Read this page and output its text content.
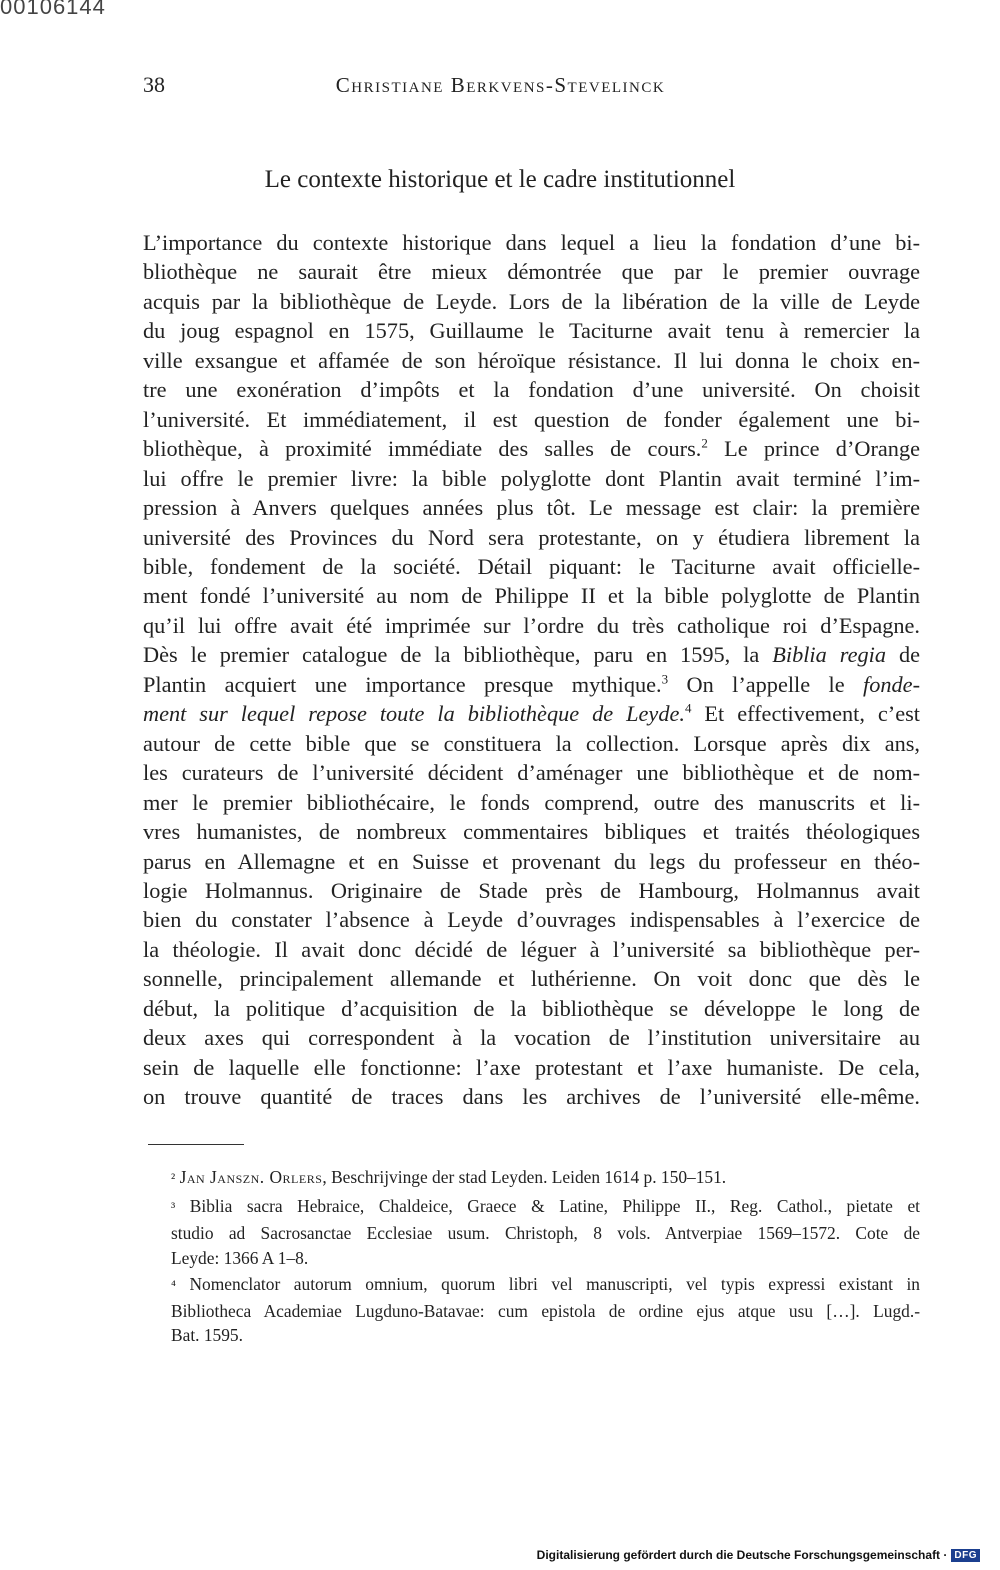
00106144
38	Christiane Berkvens-Stevelinck
Le contexte historique et le cadre institutionnel
L’importance du contexte historique dans lequel a lieu la fondation d’une bi-
bliothèque ne saurait être mieux démontrée que par le premier ouvrage
acquis par la bibliothèque de Leyde. Lors de la libération de la ville de Leyde
du joug espagnol en 1575, Guillaume le Taciturne avait tenu à remercier la
ville exsangue et affamée de son héroïque résistance. Il lui donna le choix en-
tre une exonération d’impôts et la fondation d’une université. On choisit
l’université. Et immédiatement, il est question de fonder également une bi-
bliothèque, à proximité immédiate des salles de cours.$^2$ Le prince d’Orange
lui offre le premier livre: la bible polyglotte dont Plantin avait terminé l’im-
pression à Anvers quelques années plus tôt. Le message est clair: la première
université des Provinces du Nord sera protestante, on y étudiera librement la
bible, fondement de la société. Détail piquant: le Taciturne avait officielle-
ment fondé l’université au nom de Philippe II et la bible polyglotte de Plantin
qu’il lui offre avait été imprimée sur l’ordre du très catholique roi d’Espagne.
Dès le premier catalogue de la bibliothèque, paru en 1595, la Biblia regia de
Plantin acquiert une importance presque mythique.$^3$ On l’appelle le fonde-
ment sur lequel repose toute la bibliothèque de Leyde.$^4$ Et effectivement, c’est
autour de cette bible que se constituera la collection. Lorsque après dix ans,
les curateurs de l’université décident d’aménager une bibliothèque et de nom-
mer le premier bibliothécaire, le fonds comprend, outre des manuscrits et li-
vres humanistes, de nombreux commentaires bibliques et traités théologiques
parus en Allemagne et en Suisse et provenant du legs du professeur en théo-
logie Holmannus. Originaire de Stade près de Hambourg, Holmannus avait
bien du constater l’absence à Leyde d’ouvrages indispensables à l’exercice de
la théologie. Il avait donc décidé de léguer à l’université sa bibliothèque per-
sonnelle, principalement allemande et luthérienne. On voit donc que dès le
début, la politique d’acquisition de la bibliothèque se développe le long de
deux axes qui correspondent à la vocation de l’institution universitaire au
sein de laquelle elle fonctionne: l’axe protestant et l’axe humaniste. De cela,
on trouve quantité de traces dans les archives de l’université elle-même.

² Jan Janszn. Orlers, Beschrijvinge der stad Leyden. Leiden 1614 p. 150–151.

³ Biblia sacra Hebraice, Chaldeice, Graece & Latine, Philippe II., Reg. Cathol., pietate et
studio ad Sacrosanctae Ecclesiae usum. Christoph, 8 vols. Antverpiae 1569–1572. Cote de
Leyde: 1366 A 1–8.

⁴ Nomenclator autorum omnium, quorum libri vel manuscripti, vel typis expressi existant in
Bibliotheca Academiae Lugduno-Batavae: cum epistola de ordine ejus atque usu […]. Lugd.-
Bat. 1595.

Digitalisierung gefördert durch die Deutsche Forschungsgemeinschaft · DFG
